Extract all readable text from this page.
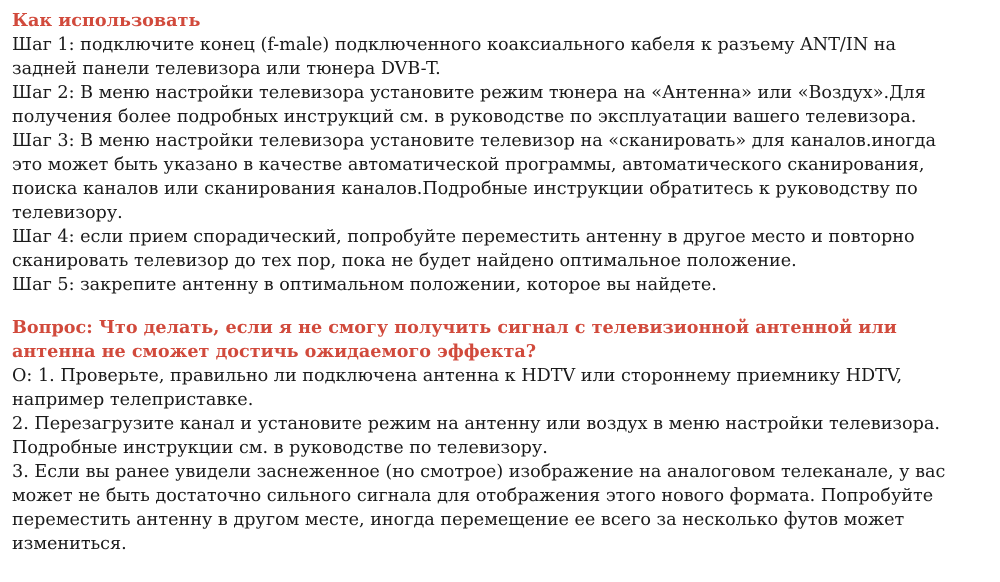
Как использовать

Шаг 1: подключите конец (f-male) подключенного коаксиального кабеля к разъему ANT/IN на

задней панели телевизора или тюнера DVB-T.

Шаг 2: В меню настройки телевизора установите режим тюнера на «Антенна» или «Воздух».Для

получения более подробных инструкций см. в руководстве по эксплуатации вашего телевизора.

Шаг 3: В меню настройки телевизора установите телевизор на «сканировать» для каналов.иногда

это может быть указано в качестве автоматической программы, автоматического сканирования,

поиска каналов или сканирования каналов.Подробные инструкции обратитесь к руководству по

телевизору.

Шаг 4: если прием спорадический, попробуйте переместить антенну в другое место и повторно

сканировать телевизор до тех пор, пока не будет найдено оптимальное положение.

Шаг 5: закрепите антенну в оптимальном положении, которое вы найдете.

Вопрос: Что делать, если я не смогу получить сигнал с телевизионной антенной или

антенна не сможет достичь ожидаемого эффекта?

О: 1. Проверьте, правильно ли подключена антенна к HDTV или стороннему приемнику HDTV,

например телеприставке.

2. Перезагрузите канал и установите режим на антенну или воздух в меню настройки телевизора.

Подробные инструкции см. в руководстве по телевизору.

3. Если вы ранее увидели заснеженное (но смотрое) изображение на аналоговом телеканале, у вас

может не быть достаточно сильного сигнала для отображения этого нового формата. Попробуйте

переместить антенну в другом месте, иногда перемещение ее всего за несколько футов может

измениться.
